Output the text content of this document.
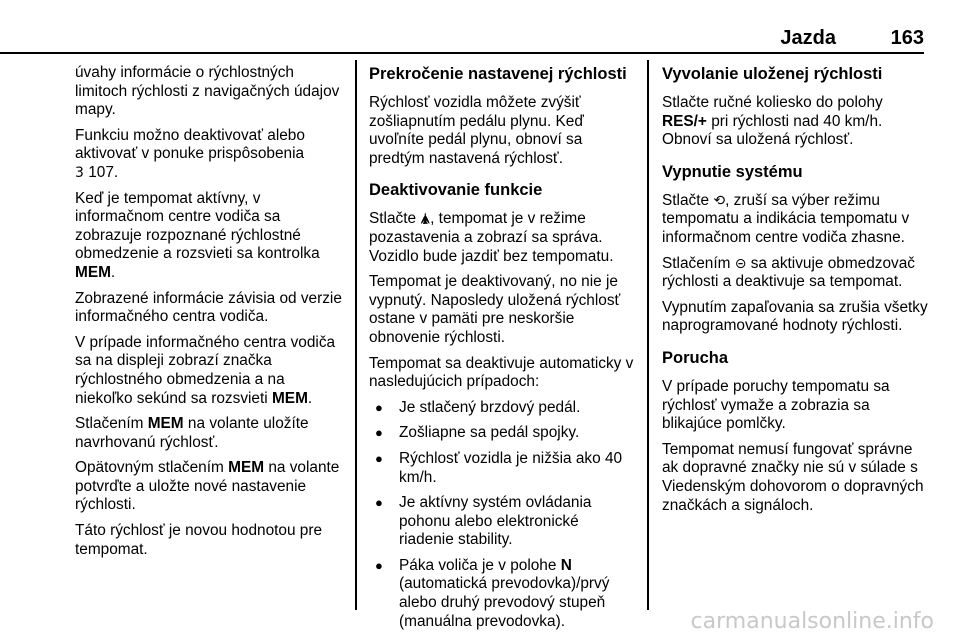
Jazda	163

úvahy informácie o rýchlostných limitoch rýchlosti z navigačných údajov mapy.

Funkciu možno deaktivovať alebo aktivovať v ponuke prispôsobenia
3 107.

Keď je tempomat aktívny, v informačnom centre vodiča sa zobrazuje rozpoznané rýchlostné obmedzenie a rozsvieti sa kontrolka MEM.

Zobrazené informácie závisia od verzie informačného centra vodiča.

V prípade informačného centra vodiča sa na displeji zobrazí značka rýchlostného obmedzenia a na niekoľko sekúnd sa rozsvieti MEM.

Stlačením MEM na volante uložíte navrhovanú rýchlosť.

Opätovným stlačením MEM na volante potvrďte a uložte nové nastavenie rýchlosti.

Táto rýchlosť je novou hodnotou pre tempomat.

Prekročenie nastavenej rýchlosti

Rýchlosť vozidla môžete zvýšiť zošliapnutím pedálu plynu. Keď uvoľníte pedál plynu, obnoví sa predtým nastavená rýchlosť.

Deaktivovanie funkcie

Stlačte 🛦, tempomat je v režime pozastavenia a zobrazí sa správa. Vozidlo bude jazdiť bez tempomatu.

Tempomat je deaktivovaný, no nie je vypnutý. Naposledy uložená rýchlosť ostane v pamäti pre neskoršie obnovenie rýchlosti.

Tempomat sa deaktivuje automaticky v nasledujúcich prípadoch:

● Je stlačený brzdový pedál.
● Zošliapne sa pedál spojky.
● Rýchlosť vozidla je nižšia ako 40 km/h.
● Je aktívny systém ovládania pohonu alebo elektronické riadenie stability.
● Páka voliča je v polohe N
(automatická prevodovka)/prvý alebo druhý prevodový stupeň (manuálna prevodovka).
Vyvolanie uloženej rýchlosti

Stlačte ručné koliesko do polohy
RES/+ pri rýchlosti nad 40 km/h. Obnoví sa uložená rýchlosť.

Vypnutie systému

Stlačte ⟲, zruší sa výber režimu tempomatu a indikácia tempomatu v informačnom centre vodiča zhasne.

Stlačením ⊝ sa aktivuje obmedzovač rýchlosti a deaktivuje sa tempomat.

Vypnutím zapaľovania sa zrušia všetky naprogramované hodnoty rýchlosti.

Porucha

V prípade poruchy tempomatu sa rýchlosť vymaže a zobrazia sa blikajúce pomlčky.

Tempomat nemusí fungovať správne ak dopravné značky nie sú v súlade s Viedenským dohovorom o dopravných značkách a signáloch.

carmanualsonline.info
